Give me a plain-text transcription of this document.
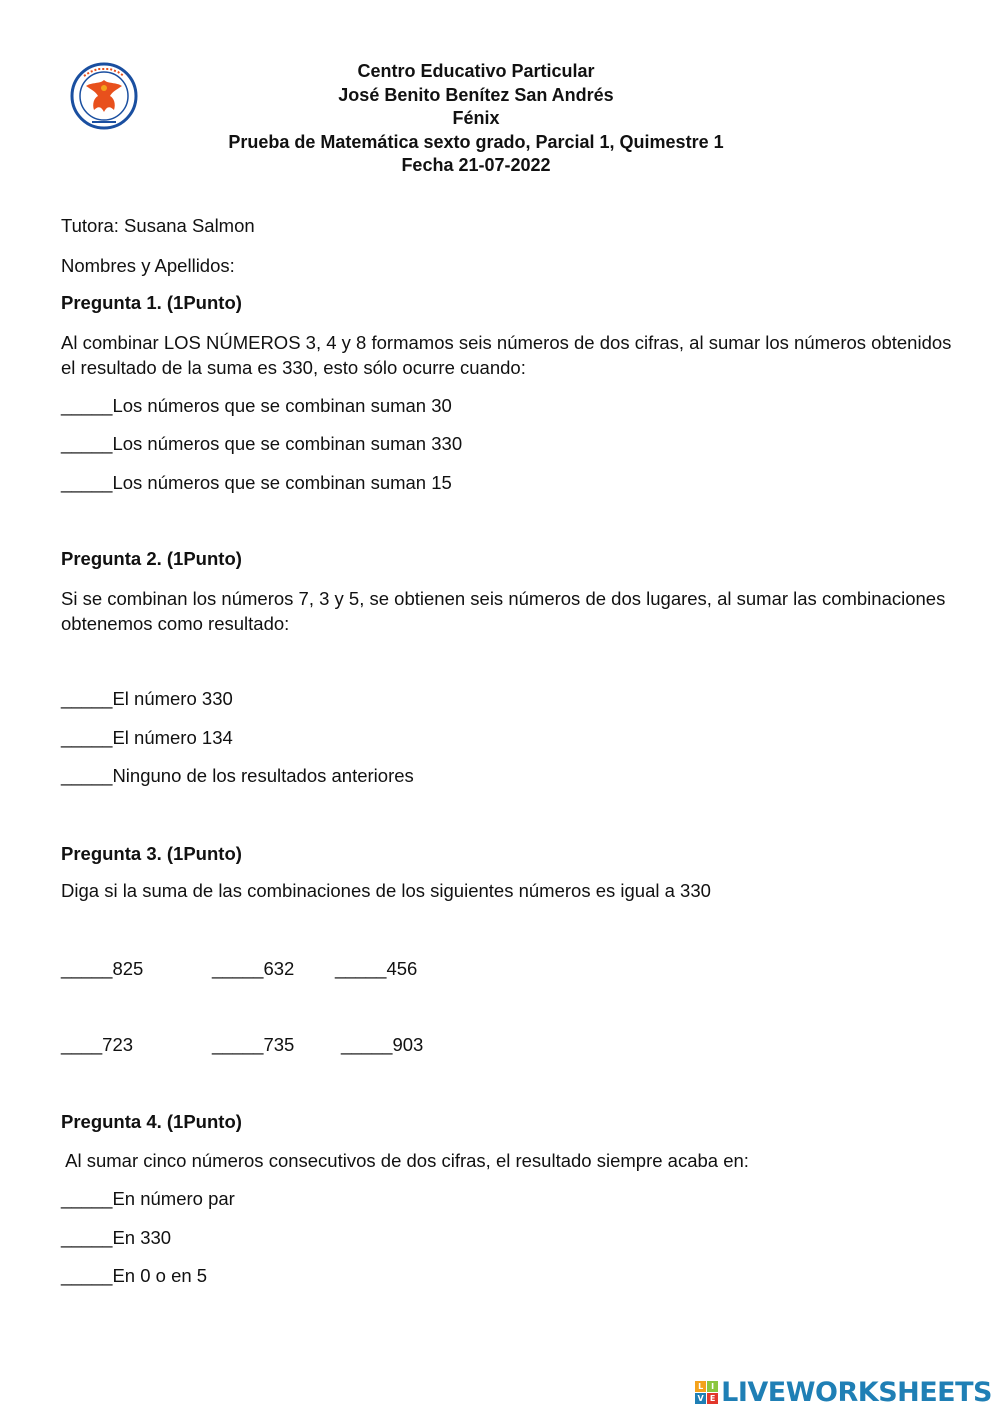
Centro Educativo Particular
José Benito Benítez San Andrés
Fénix
Prueba de Matemática sexto grado, Parcial 1, Quimestre 1
Fecha 21-07-2022
Tutora: Susana Salmon
Nombres y Apellidos:
Pregunta 1. (1Punto)
Al combinar LOS NÚMEROS 3, 4 y 8 formamos seis números de dos cifras, al sumar los números obtenidos el resultado de la suma es 330, esto sólo ocurre cuando:
_____Los números que se combinan suman 30
_____Los números que se combinan suman 330
_____Los números que se combinan suman 15
Pregunta 2. (1Punto)
Si se combinan los números 7, 3 y 5, se obtienen seis números de dos lugares, al sumar las combinaciones obtenemos como resultado:
_____El número 330
_____El número 134
_____Ninguno de los resultados anteriores
Pregunta 3. (1Punto)
Diga si la suma de las combinaciones de los siguientes números es igual a 330
_____825	_____632 _____456
____723	_____735	_____903
Pregunta 4. (1Punto)
Al sumar cinco números consecutivos de dos cifras, el resultado siempre acaba en:
_____En número par
_____En 330
_____En 0 o en 5
L I
V E LIVEWORKSHEETS
